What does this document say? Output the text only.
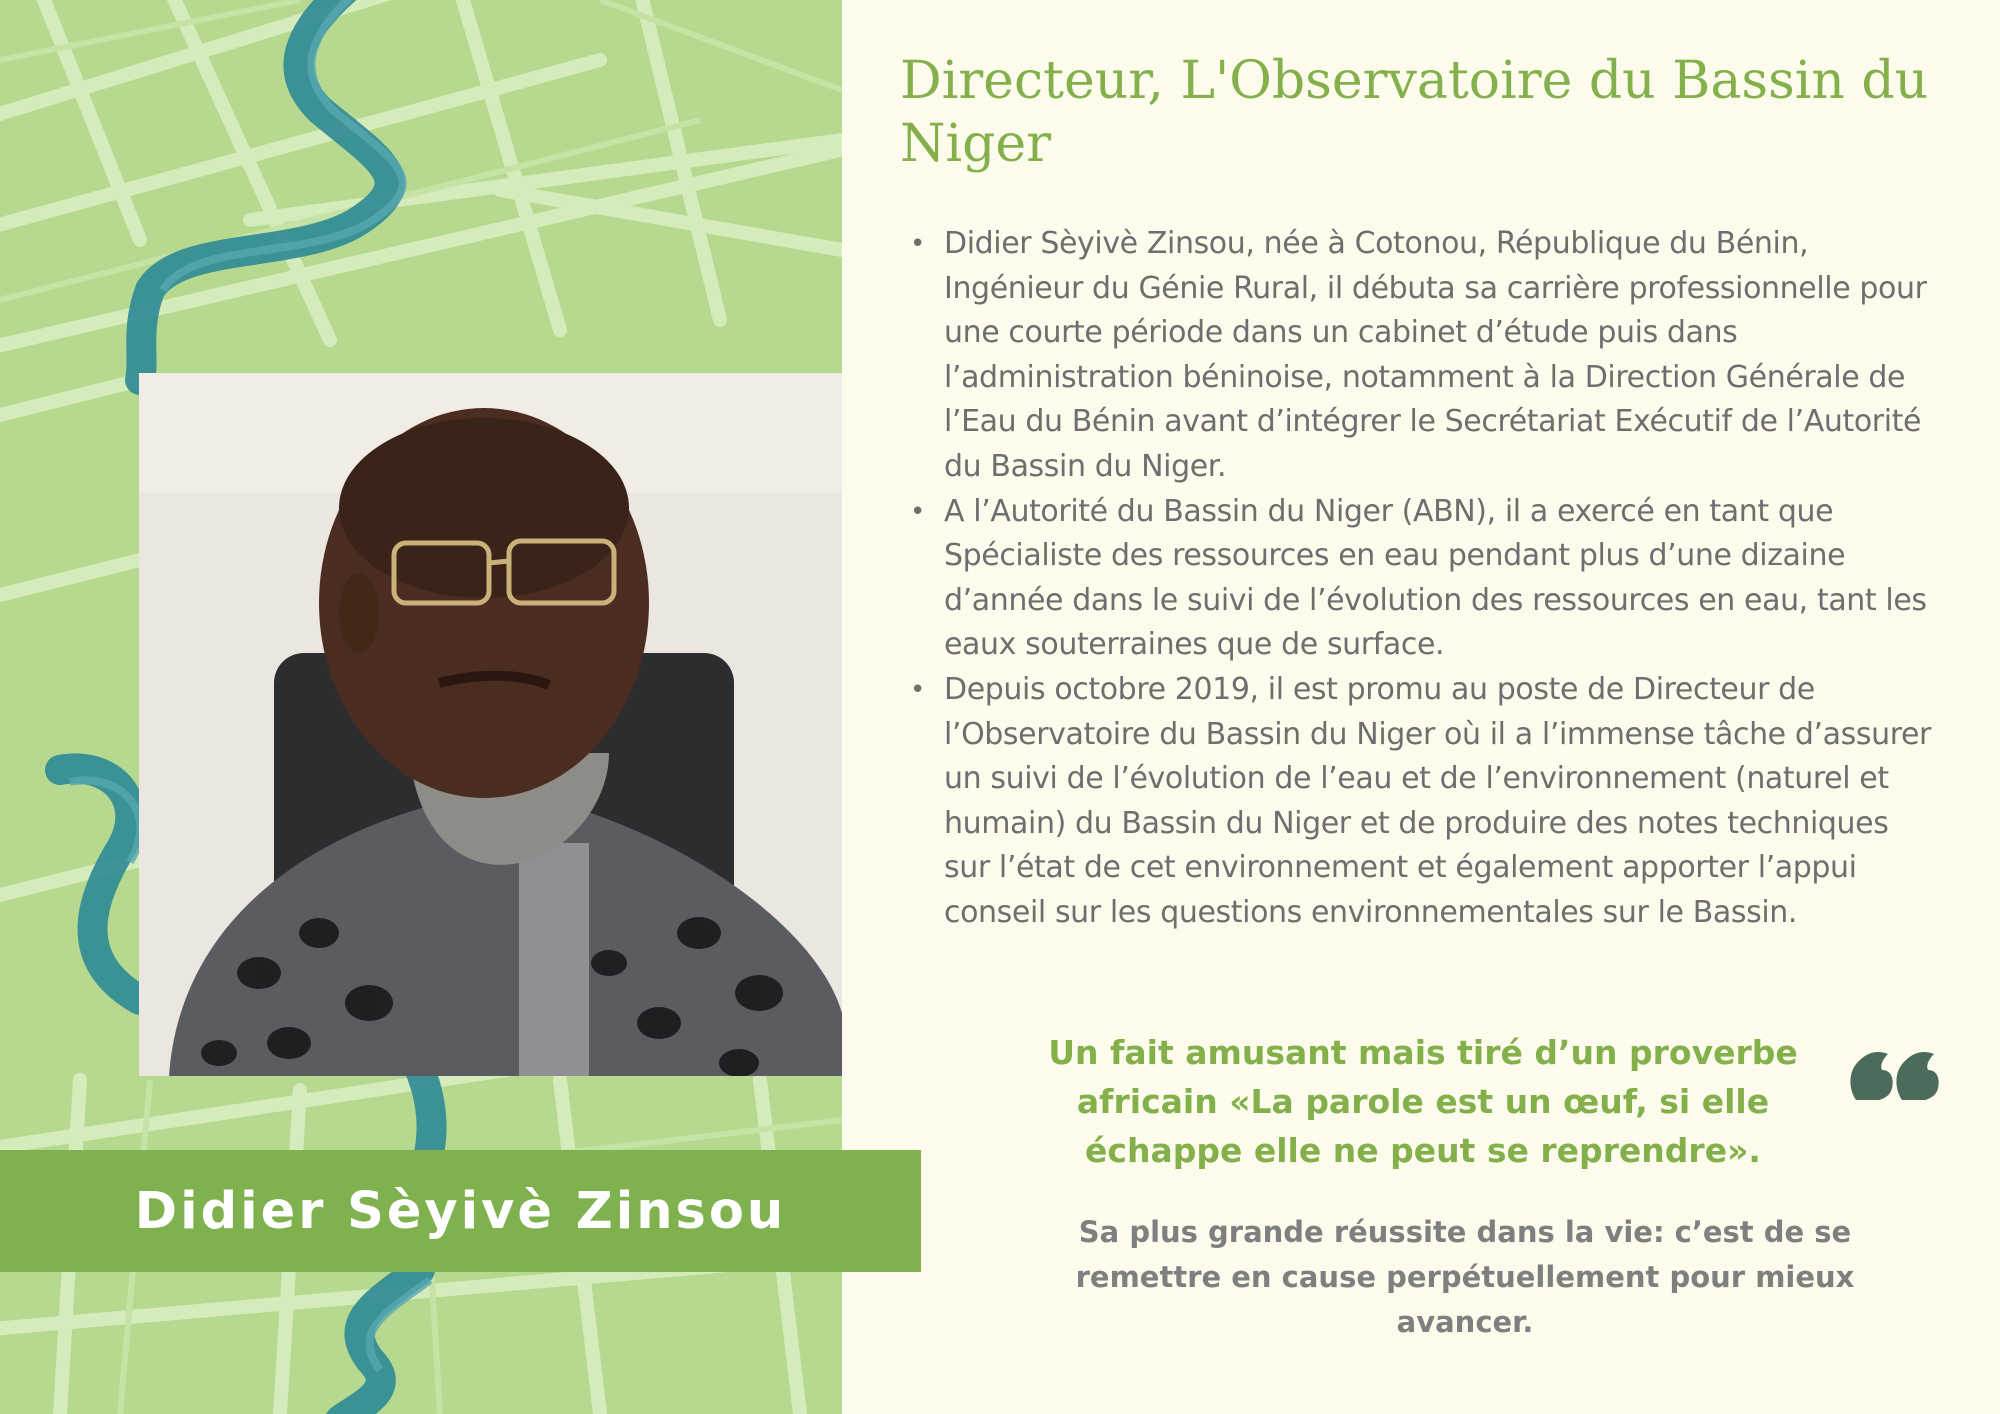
Didier Sèyivè Zinsou
Directeur, L'Observatoire du Bassin du Niger
• Didier Sèyivè Zinsou, née à Cotonou, République du Bénin, Ingénieur du Génie Rural, il débuta sa carrière professionnelle pour une courte période dans un cabinet d’étude puis dans l’administration béninoise, notamment à la Direction Générale de l’Eau du Bénin avant d’intégrer le Secrétariat Exécutif de l’Autorité du Bassin du Niger.
• A l’Autorité du Bassin du Niger (ABN), il a exercé en tant que Spécialiste des ressources en eau pendant plus d’une dizaine d’année dans le suivi de l’évolution des ressources en eau, tant les eaux souterraines que de surface.
• Depuis octobre 2019, il est promu au poste de Directeur de l’Observatoire du Bassin du Niger où il a l’immense tâche d’assurer un suivi de l’évolution de l’eau et de l’environnement (naturel et humain) du Bassin du Niger et de produire des notes techniques sur l’état de cet environnement et également apporter l’appui conseil sur les questions environnementales sur le Bassin.

Un fait amusant mais tiré d’un proverbe africain «La parole est un œuf, si elle échappe elle ne peut se reprendre».

Sa plus grande réussite dans la vie: c’est de se remettre en cause perpétuellement pour mieux avancer.
